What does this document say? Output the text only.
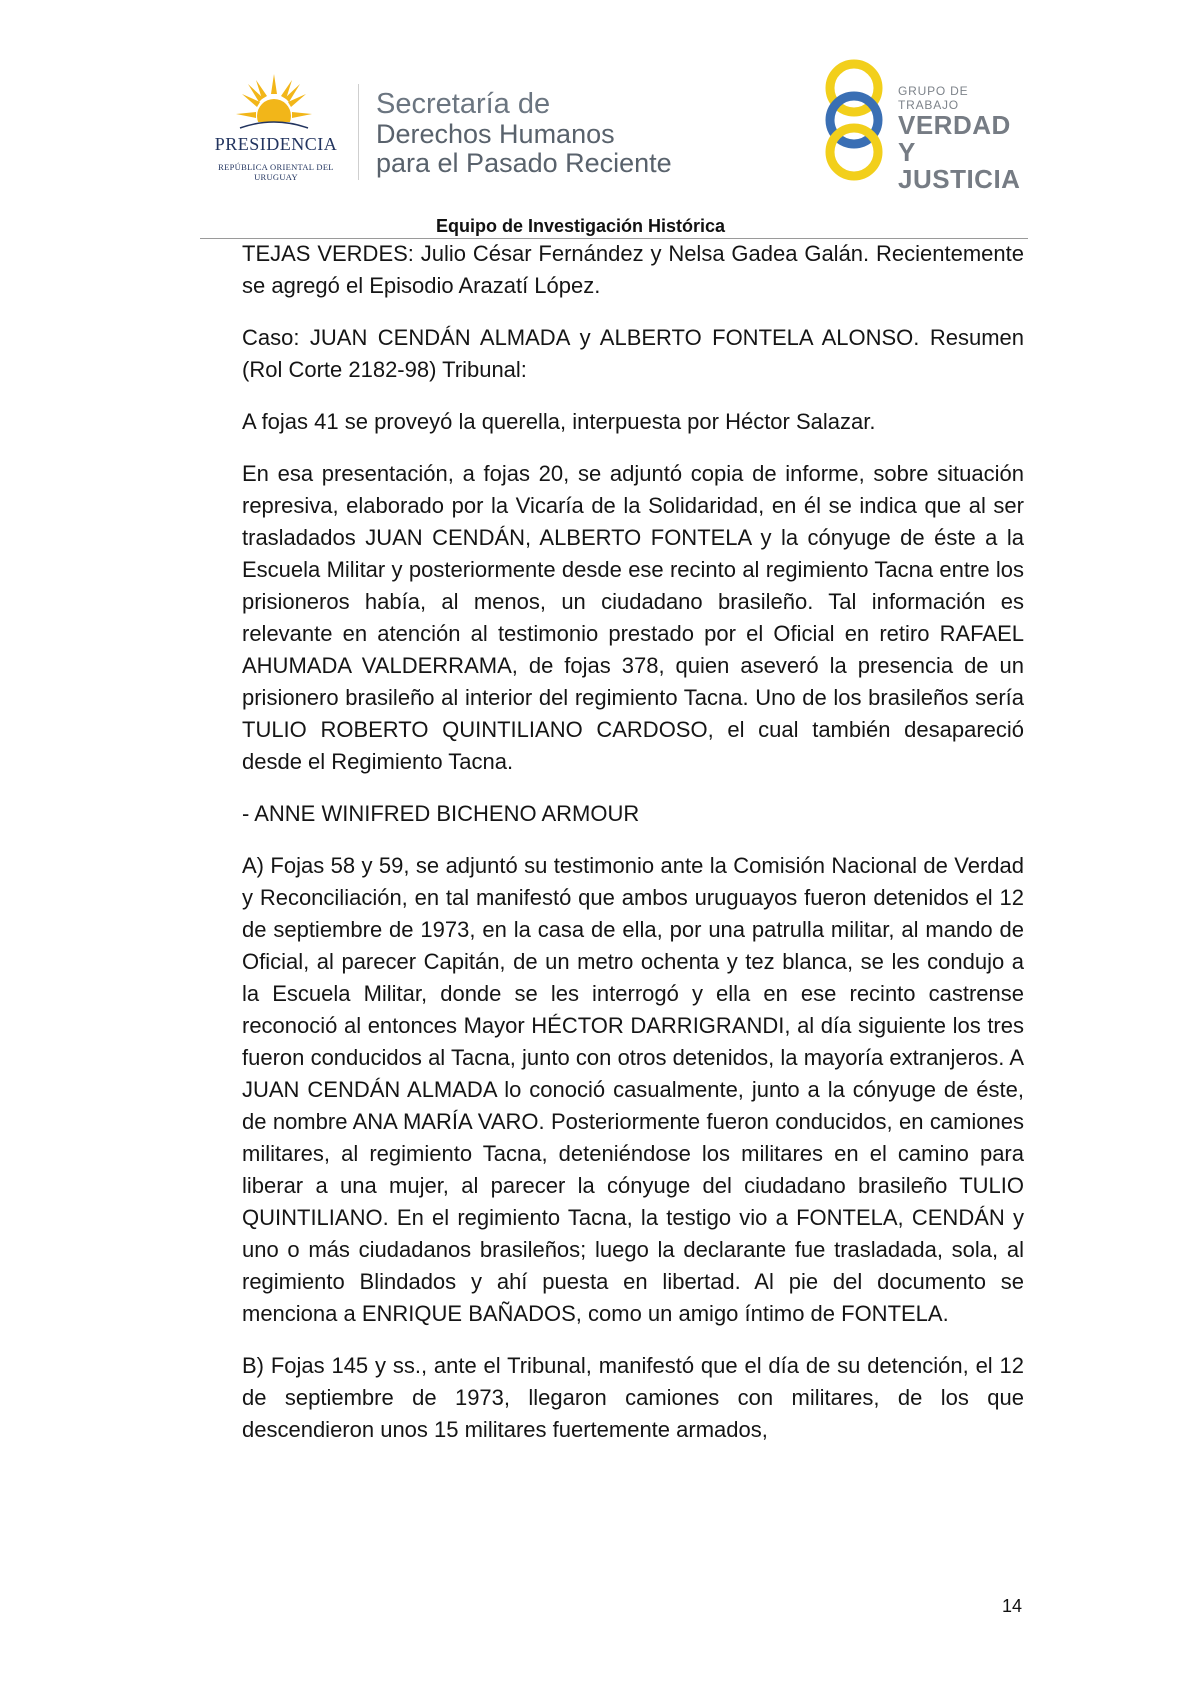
PRESIDENCIA
REPÚBLICA ORIENTAL DEL URUGUAY
Secretaría de
Derechos Humanos
para el Pasado Reciente
GRUPO DE TRABAJO
VERDAD Y
JUSTICIA
Equipo de Investigación Histórica

TEJAS VERDES: Julio César Fernández y Nelsa Gadea Galán. Recientemente se agregó el Episodio Arazatí López.

Caso: JUAN CENDÁN ALMADA y ALBERTO FONTELA ALONSO. Resumen (Rol Corte 2182-98) Tribunal:

A fojas 41 se proveyó la querella, interpuesta por Héctor Salazar.

En esa presentación, a fojas 20, se adjuntó copia de informe, sobre situación represiva, elaborado por la Vicaría de la Solidaridad, en él se indica que al ser trasladados JUAN CENDÁN, ALBERTO FONTELA y la cónyuge de éste a la Escuela Militar y posteriormente desde ese recinto al regimiento Tacna entre los prisioneros había, al menos, un ciudadano brasileño. Tal información es relevante en atención al testimonio prestado por el Oficial en retiro RAFAEL AHUMADA VALDERRAMA, de fojas 378, quien aseveró la presencia de un prisionero brasileño al interior del regimiento Tacna. Uno de los brasileños sería TULIO ROBERTO QUINTILIANO CARDOSO, el cual también desapareció desde el Regimiento Tacna.

- ANNE WINIFRED BICHENO ARMOUR

A) Fojas 58 y 59, se adjuntó su testimonio ante la Comisión Nacional de Verdad y Reconciliación, en tal manifestó que ambos uruguayos fueron detenidos el 12 de septiembre de 1973, en la casa de ella, por una patrulla militar, al mando de Oficial, al parecer Capitán, de un metro ochenta y tez blanca, se les condujo a la Escuela Militar, donde se les interrogó y ella en ese recinto castrense reconoció al entonces Mayor HÉCTOR DARRIGRANDI, al día siguiente los tres fueron conducidos al Tacna, junto con otros detenidos, la mayoría extranjeros. A JUAN CENDÁN ALMADA lo conoció casualmente, junto a la cónyuge de éste, de nombre ANA MARÍA VARO. Posteriormente fueron conducidos, en camiones militares, al regimiento Tacna, deteniéndose los militares en el camino para liberar a una mujer, al parecer la cónyuge del ciudadano brasileño TULIO QUINTILIANO. En el regimiento Tacna, la testigo vio a FONTELA, CENDÁN y uno o más ciudadanos brasileños; luego la declarante fue trasladada, sola, al regimiento Blindados y ahí puesta en libertad. Al pie del documento se menciona a ENRIQUE BAÑADOS, como un amigo íntimo de FONTELA.

B) Fojas 145 y ss., ante el Tribunal, manifestó que el día de su detención, el 12 de septiembre de 1973, llegaron camiones con militares, de los que descendieron unos 15 militares fuertemente armados,

14
